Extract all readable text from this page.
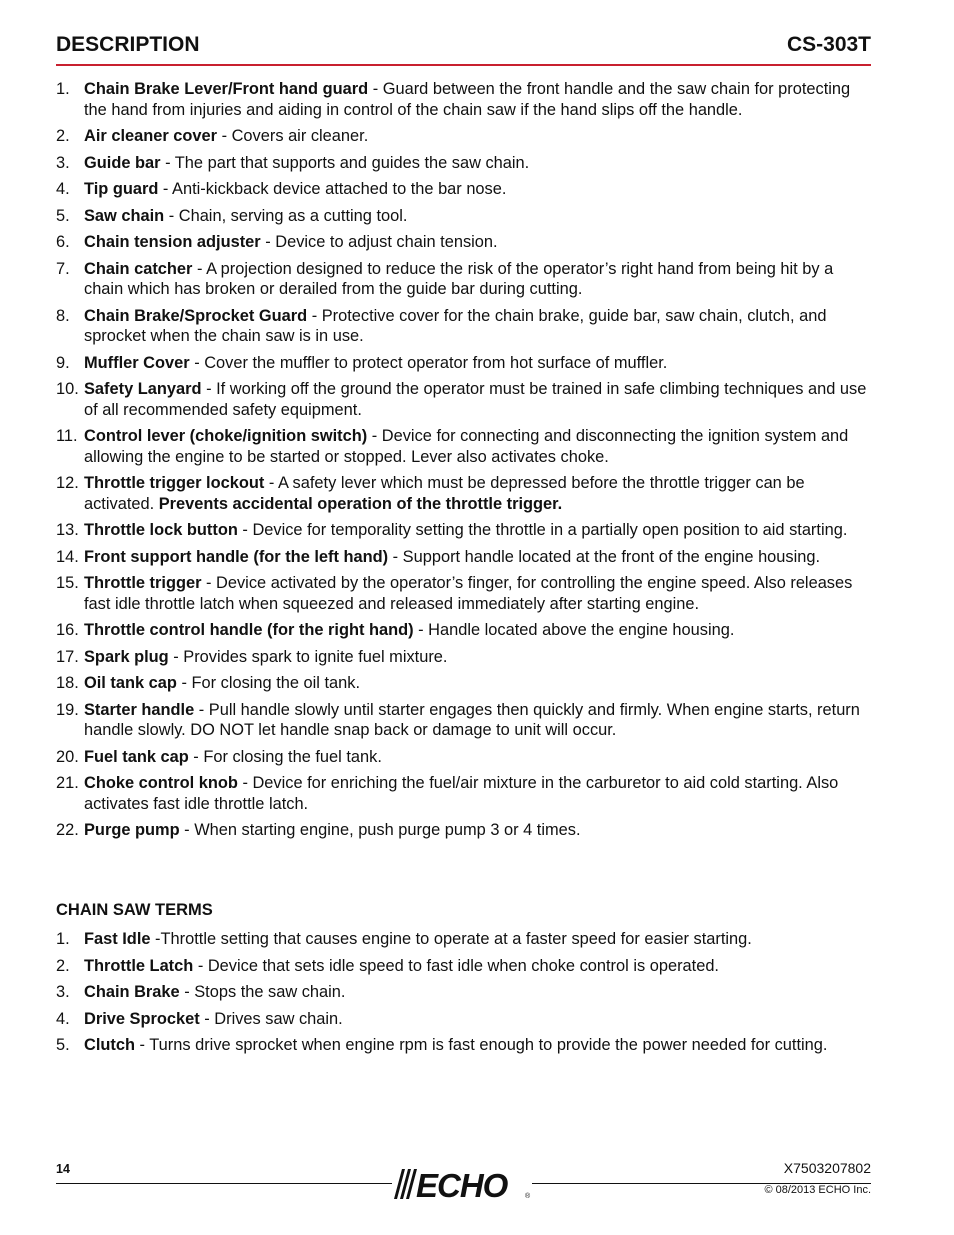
DESCRIPTION	CS-303T
1. Chain Brake Lever/Front hand guard - Guard between the front handle and the saw chain for protecting the hand from injuries and aiding in control of the chain saw if the hand slips off the handle.
2. Air cleaner cover - Covers air cleaner.
3. Guide bar - The part that supports and guides the saw chain.
4. Tip guard - Anti-kickback device attached to the bar nose.
5. Saw chain - Chain, serving as a cutting tool.
6. Chain tension adjuster - Device to adjust chain tension.
7. Chain catcher - A projection designed to reduce the risk of the operator’s right hand from being hit by a chain which has broken or derailed from the guide bar during cutting.
8. Chain Brake/Sprocket Guard - Protective cover for the chain brake, guide bar, saw chain, clutch, and sprocket when the chain saw is in use.
9. Muffler Cover - Cover the muffler to protect operator from hot surface of muffler.
10. Safety Lanyard - If working off the ground the operator must be trained in safe climbing techniques and use of all recommended safety equipment.
11. Control lever (choke/ignition switch) - Device for connecting and disconnecting the ignition system and allowing the engine to be started or stopped. Lever also activates choke.
12. Throttle trigger lockout - A safety lever which must be depressed before the throttle trigger can be activated. Prevents accidental operation of the throttle trigger.
13. Throttle lock button - Device for temporality setting the throttle in a partially open position to aid starting.
14. Front support handle (for the left hand) - Support handle located at the front of the engine housing.
15. Throttle trigger - Device activated by the operator’s finger, for controlling the engine speed. Also releases fast idle throttle latch when squeezed and released immediately after starting engine.
16. Throttle control handle (for the right hand) - Handle located above the engine housing.
17. Spark plug - Provides spark to ignite fuel mixture.
18. Oil tank cap - For closing the oil tank.
19. Starter handle - Pull handle slowly until starter engages then quickly and firmly. When engine starts, return handle slowly. DO NOT let handle snap back or damage to unit will occur.
20. Fuel tank cap - For closing the fuel tank.
21. Choke control knob - Device for enriching the fuel/air mixture in the carburetor to aid cold starting. Also activates fast idle throttle latch.
22. Purge pump - When starting engine, push purge pump 3 or 4 times.
CHAIN SAW TERMS
1. Fast Idle -Throttle setting that causes engine to operate at a faster speed for easier starting.
2. Throttle Latch - Device that sets idle speed to fast idle when choke control is operated.
3. Chain Brake - Stops the saw chain.
4. Drive Sprocket - Drives saw chain.
5. Clutch - Turns drive sprocket when engine rpm is fast enough to provide the power needed for cutting.
14	ECHO	®
X7503207802
© 08/2013 ECHO Inc.
